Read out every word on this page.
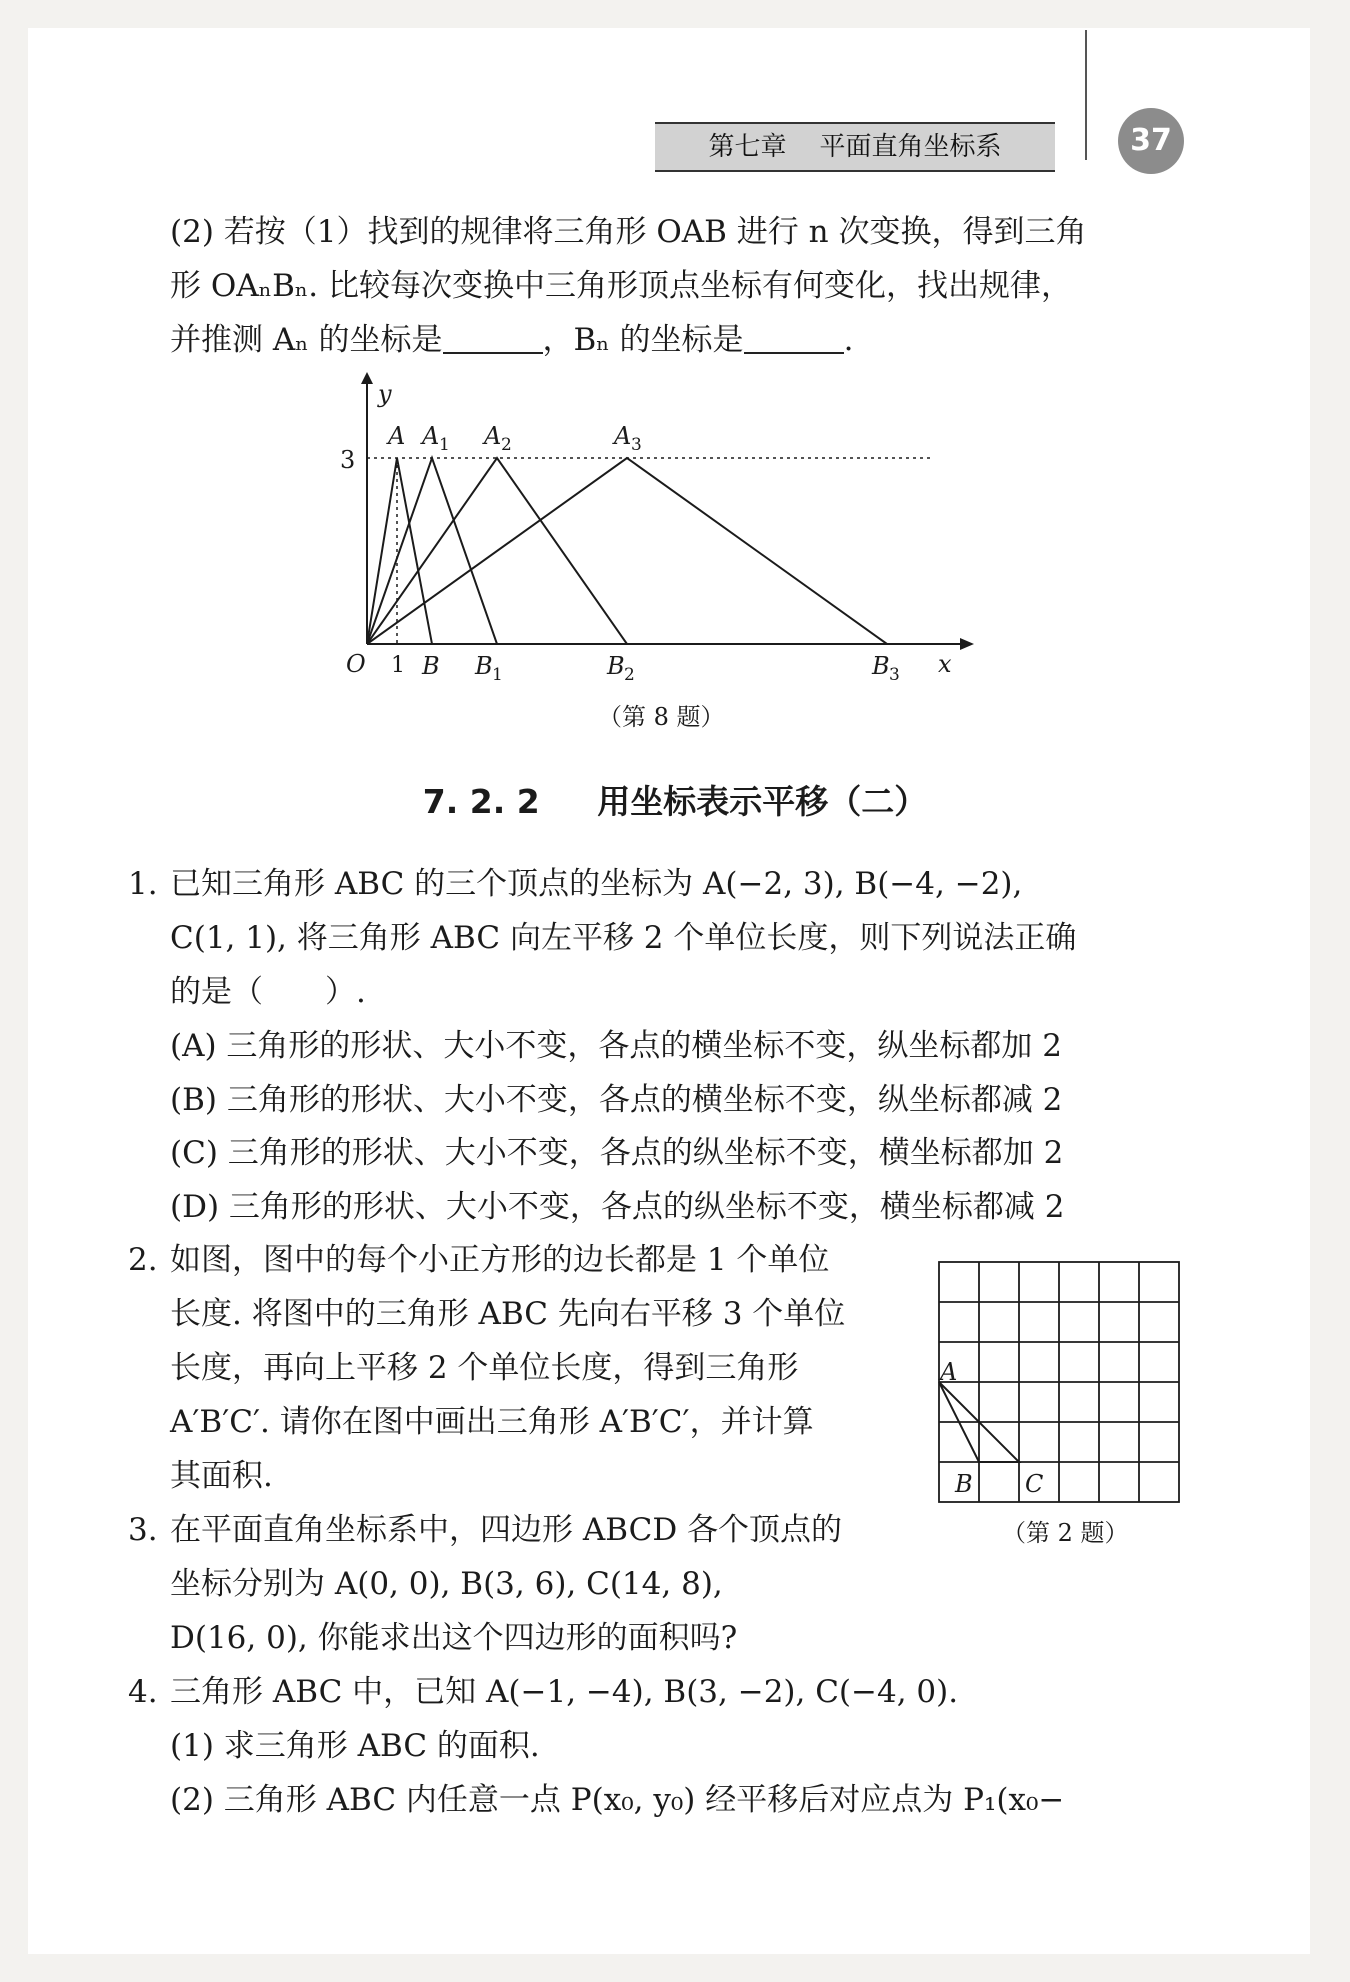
第七章 平面直角坐标系	37
(2) 若按（1）找到的规律将三角形 OAB 进行 n 次变换，得到三角
形 OAₙBₙ. 比较每次变换中三角形顶点坐标有何变化，找出规律，
并推测 Aₙ 的坐标是	，Bₙ 的坐标是	.
y
3
O 1
A A 1 A 2	A 3
B B 1	B 2	B 3 x
（第 8 题）
7. 2. 2 用坐标表示平移（二）
1. 已知三角形 ABC 的三个顶点的坐标为 A(−2, 3), B(−4, −2),
C(1, 1), 将三角形 ABC 向左平移 2 个单位长度，则下列说法正确
的是（　　）.
(A) 三角形的形状、大小不变，各点的横坐标不变，纵坐标都加 2
(B) 三角形的形状、大小不变，各点的横坐标不变，纵坐标都减 2
(C) 三角形的形状、大小不变，各点的纵坐标不变，横坐标都加 2
(D) 三角形的形状、大小不变，各点的纵坐标不变，横坐标都减 2
2. 如图，图中的每个小正方形的边长都是 1 个单位
长度. 将图中的三角形 ABC 先向右平移 3 个单位
长度，再向上平移 2 个单位长度，得到三角形
A′B′C′. 请你在图中画出三角形 A′B′C′，并计算
其面积.
A
B C
（第 2 题）
3. 在平面直角坐标系中，四边形 ABCD 各个顶点的
坐标分别为 A(0, 0), B(3, 6), C(14, 8),
D(16, 0), 你能求出这个四边形的面积吗?
4. 三角形 ABC 中，已知 A(−1, −4), B(3, −2), C(−4, 0).
(1) 求三角形 ABC 的面积.
(2) 三角形 ABC 内任意一点 P(x₀, y₀) 经平移后对应点为 P₁(x₀−
